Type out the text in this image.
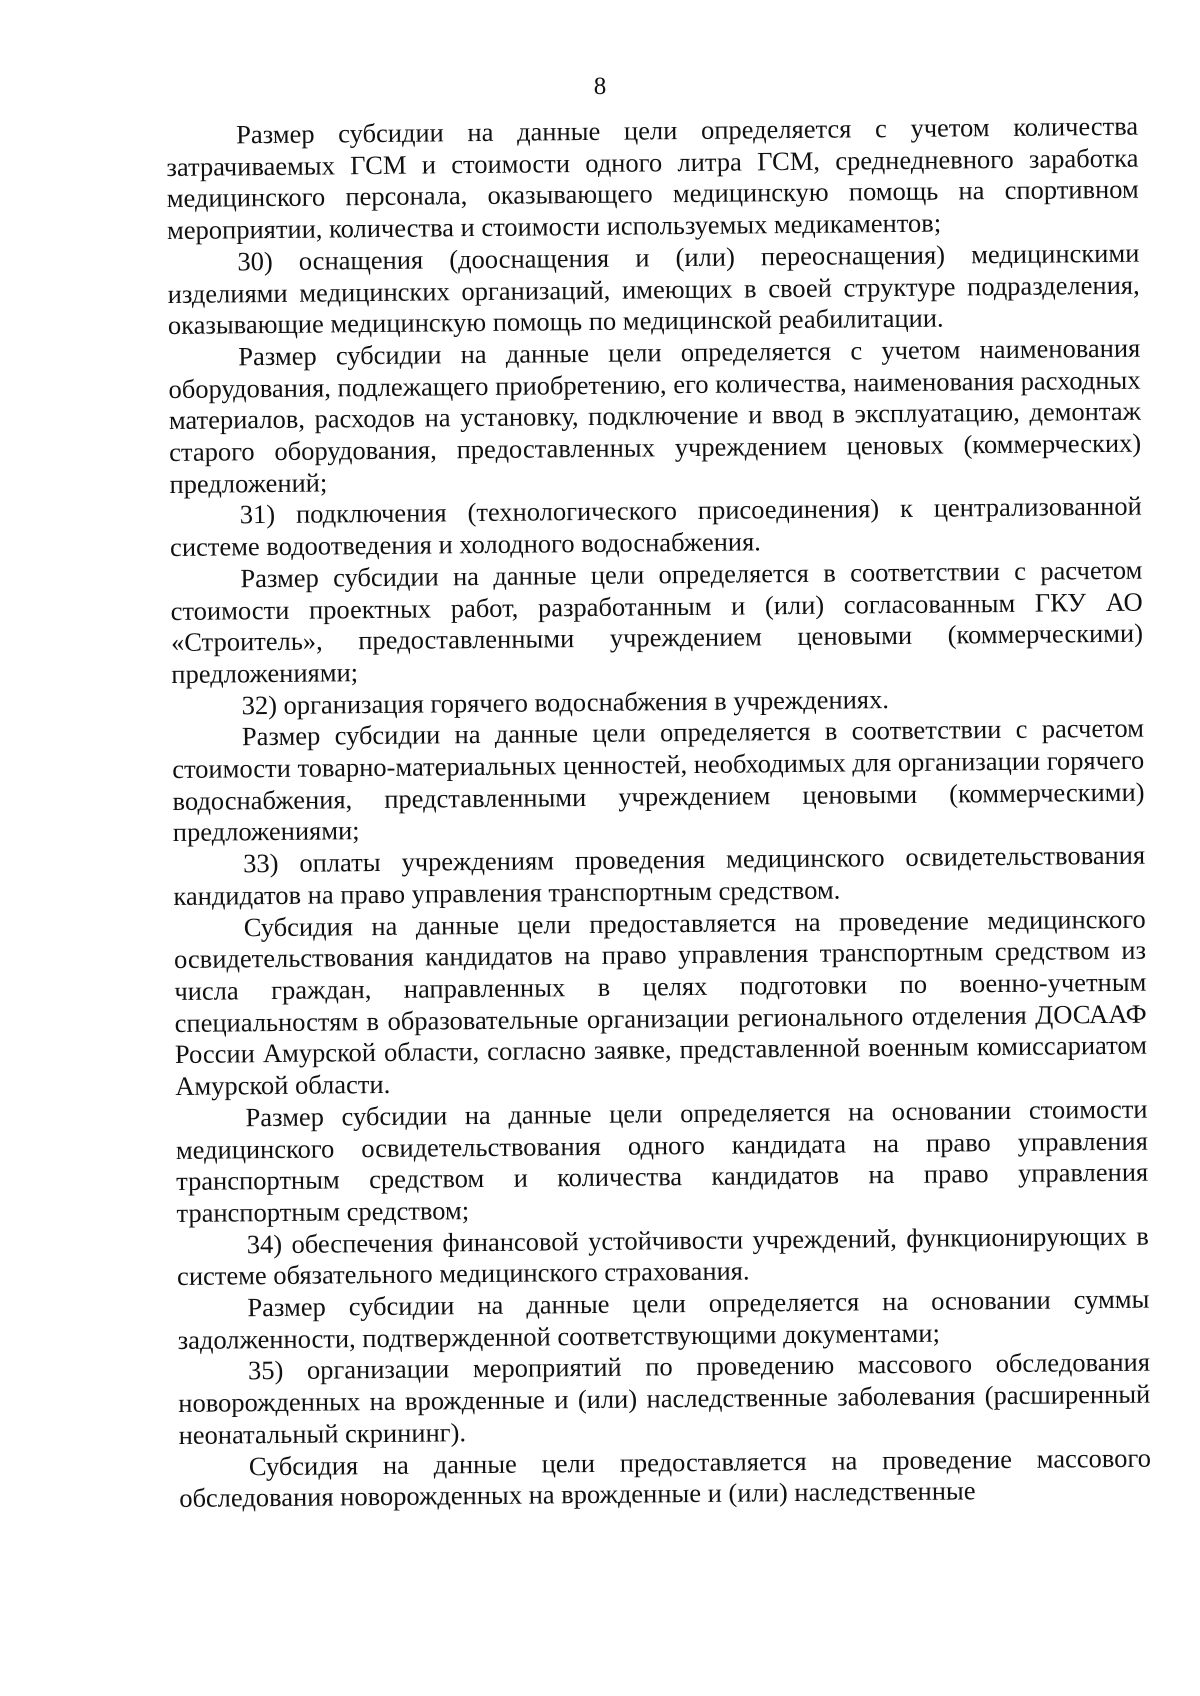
8

Размер субсидии на данные цели определяется с учетом количества затрачиваемых ГСМ и стоимости одного литра ГСМ, среднедневного заработка медицинского персонала, оказывающего медицинскую помощь на спортивном мероприятии, количества и стоимости используемых медикаментов;

30) оснащения (дооснащения и (или) переоснащения) медицинскими изделиями медицинских организаций, имеющих в своей структуре подразделения, оказывающие медицинскую помощь по медицинской реабилитации.

Размер субсидии на данные цели определяется с учетом наименования оборудования, подлежащего приобретению, его количества, наименования расходных материалов, расходов на установку, подключение и ввод в эксплуатацию, демонтаж старого оборудования, предоставленных учреждением ценовых (коммерческих) предложений;

31) подключения (технологического присоединения) к централизованной системе водоотведения и холодного водоснабжения.

Размер субсидии на данные цели определяется в соответствии с расчетом стоимости проектных работ, разработанным и (или) согласованным ГКУ АО «Строитель», предоставленными учреждением ценовыми (коммерческими) предложениями;

32) организация горячего водоснабжения в учреждениях.

Размер субсидии на данные цели определяется в соответствии с расчетом стоимости товарно-материальных ценностей, необходимых для организации горячего водоснабжения, представленными учреждением ценовыми (коммерческими) предложениями;

33) оплаты учреждениям проведения медицинского освидетельствования кандидатов на право управления транспортным средством.

Субсидия на данные цели предоставляется на проведение медицинского освидетельствования кандидатов на право управления транспортным средством из числа граждан, направленных в целях подготовки по военно-учетным специальностям в образовательные организации регионального отделения ДОСААФ России Амурской области, согласно заявке, представленной военным комиссариатом Амурской области.

Размер субсидии на данные цели определяется на основании стоимости медицинского освидетельствования одного кандидата на право управления транспортным средством и количества кандидатов на право управления транспортным средством;

34) обеспечения финансовой устойчивости учреждений, функционирующих в системе обязательного медицинского страхования.

Размер субсидии на данные цели определяется на основании суммы задолженности, подтвержденной соответствующими документами;

35) организации мероприятий по проведению массового обследования новорожденных на врожденные и (или) наследственные заболевания (расширенный неонатальный скрининг).

Субсидия на данные цели предоставляется на проведение массового обследования новорожденных на врожденные и (или) наследственные
